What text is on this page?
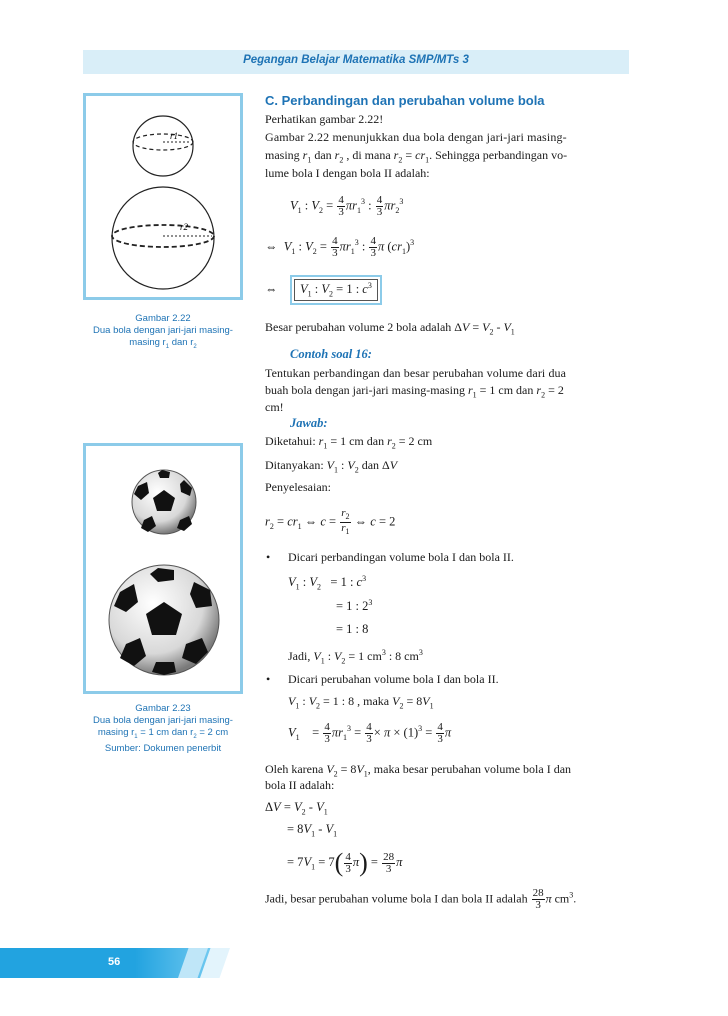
Pegangan Belajar Matematika SMP/MTs 3
r1
r2
Gambar 2.22
Dua bola dengan jari-jari masing-
masing $r_1$ dan $r_2$
Gambar 2.23
Dua bola dengan jari-jari masing-
masing $r_1 = 1$ cm dan $r_2 = 2$ cm
Sumber: Dokumen penerbit
C. Perbandingan dan perubahan volume bola
Perhatikan gambar 2.22!
Gambar 2.22 menunjukkan dua bola dengan jari-jari masing-
masing $r_1$ dan $r_2$ , di mana $r_2 = cr_1$. Sehingga perbandingan vo-
lume bola I dengan bola II adalah:
$V_1$ : $V_2 = \frac{4}{3} \pi r_1^3$ : $\frac{4}{3} \pi r_2^3$
⇔  $V_1$ : $V_2 = \frac{4}{3} \pi r_1^3$ : $\frac{4}{3}$ π $(cr_1)^3$
⇔	$V_1$ : $V_2 = 1$ : $c^3$
Besar perubahan volume 2 bola adalah $\Delta V = V_2 - V_1$
Contoh soal 16:
Tentukan perbandingan dan besar perubahan volume dari dua
buah bola dengan jari-jari masing-masing $r_1 = 1$ cm dan $r_2 = 2$
cm!
Jawab:
Diketahui: $r_1 = 1$ cm dan $r_2 = 2$ cm
Ditanyakan: $V_1$ : $V_2$ dan ΔV
Penyelesaian:
$r_2 = cr_1$ ⇔ $c = \frac{r_2}{r_1}$ ⇔ c = 2
• Dicari perbandingan volume bola I dan bola II.
$V_1$ : $V_2 = 1$ : $c^3$
= 1 : $2^3$
= 1 : 8
Jadi, $V_1$ : $V_2 = 1$ $cm^3$ : 8 $cm^3$
• Dicari perubahan volume bola I dan bola II.
$V_1$ : $V_2 = 1$ : 8 , maka $V_2 = 8V_1$
$V_1$    = $\frac{4}{3} \pi r_1^3 = \frac{4}{3} \times \pi \times (1)^3 = \frac{4}{3}$ π
Oleh karena $V_2 = 8V_1$, maka besar perubahan volume bola I dan
bola II adalah:
$\Delta V = V_2 - V_1$
= $8V_1 - V_1$
= $7V_1 = 7( \frac{4}{3} \pi) = \frac{28}{3}$ π
Jadi, besar perubahan volume bola I dan bola II adalah $\frac{28}{3}$ π $cm^3$.
56
